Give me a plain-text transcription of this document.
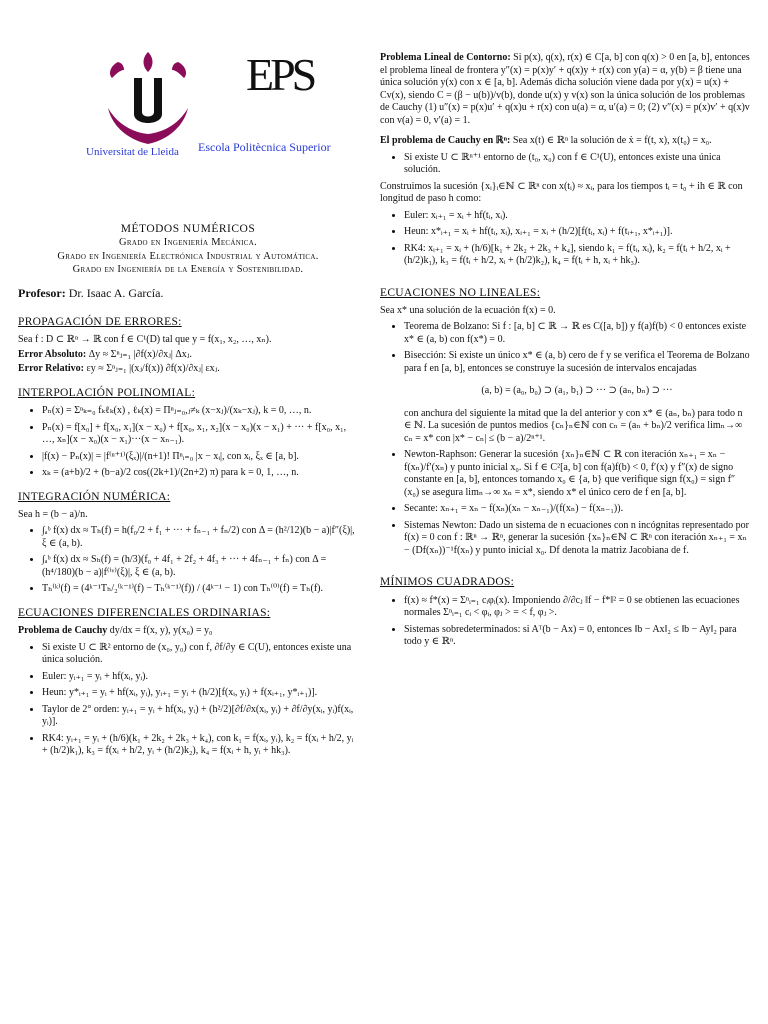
Universitat de Lleida
EPS
Escola Politècnica Superior
MÉTODOS NUMÉRICOS
Grado en Ingeniería Mecánica.
Grado en Ingeniería Electrónica Industrial y Automática.
Grado en Ingeniería de la Energía y Sostenibilidad.
Profesor: Dr. Isaac A. García.
PROPAGACIÓN DE ERRORES:

Sea f : D ⊂ ℝⁿ → ℝ con f ∈ C¹(D) tal que y = f(x₁, x₂, …, xₙ).

Error Absoluto: Δy ≈ Σⁿⱼ₌₁ |∂f(x)/∂xⱼ| Δxⱼ.

Error Relativo: εy ≈ Σⁿⱼ₌₁ |(xⱼ/f(x)) ∂f(x)/∂xⱼ| εxⱼ.

INTERPOLACIÓN POLINOMIAL:
• Pₙ(x) = Σⁿₖ₌₀ fₖℓₖ(x) , ℓₖ(x) = Πⁿⱼ₌₀,ⱼ≠ₖ (x−xⱼ)/(xₖ−xⱼ), k = 0, …, n.
• Pₙ(x) = f[x₀] + f[x₀, x₁](x − x₀) + f[x₀, x₁, x₂](x − x₀)(x − x₁) + ··· + f[x₀, x₁, …, xₙ](x − x₀)(x − x₁)···(x − xₙ₋₁).
• |f(x) − Pₙ(x)| = |f⁽ⁿ⁺¹⁾(ξₓ)|/(n+1)! Πⁿᵢ₌₀ |x − xᵢ|, con xᵢ, ξₓ ∈ [a, b].
• xₖ = (a+b)/2 + (b−a)/2 cos((2k+1)/(2n+2) π) para k = 0, 1, …, n.
INTEGRACIÓN NUMÉRICA:

Sea h = (b − a)/n.

• ∫ₐᵇ f(x) dx ≈ Tₕ(f) = h(f₀/2 + f₁ + ··· + fₙ₋₁ + fₙ/2) con Δ = (h²/12)(b − a)|f″(ξ)|, ξ ∈ (a, b).
• ∫ₐᵇ f(x) dx ≈ Sₕ(f) = (h/3)(f₀ + 4f₁ + 2f₂ + 4f₃ + ··· + 4fₙ₋₁ + fₙ) con Δ = (h⁴/180)(b − a)|f⁽ⁱᵛ⁾(ξ)|, ξ ∈ (a, b).
• Tₕ⁽ᵏ⁾(f) = (4ᵏ⁻¹Tₕ/₂⁽ᵏ⁻¹⁾(f) − Tₕ⁽ᵏ⁻¹⁾(f)) / (4ᵏ⁻¹ − 1) con Tₕ⁽⁰⁾(f) = Tₕ(f).
ECUACIONES DIFERENCIALES ORDINARIAS:

Problema de Cauchy dy/dx = f(x, y), y(x₀) = y₀

• Si existe U ⊂ ℝ² entorno de (x₀, y₀) con f, ∂f/∂y ∈ C(U), entonces existe una única solución.
• Euler: yᵢ₊₁ = yᵢ + hf(xᵢ, yᵢ).
• Heun: y*ᵢ₊₁ = yᵢ + hf(xᵢ, yᵢ), yᵢ₊₁ = yᵢ + (h/2)[f(xᵢ, yᵢ) + f(xᵢ₊₁, y*ᵢ₊₁)].
• Taylor de 2° orden: yᵢ₊₁ = yᵢ + hf(xᵢ, yᵢ) + (h²/2)[∂f/∂x(xᵢ, yᵢ) + ∂f/∂y(xᵢ, yᵢ)f(xᵢ, yᵢ)].
• RK4: yᵢ₊₁ = yᵢ + (h/6)(k₁ + 2k₂ + 2k₃ + k₄), con k₁ = f(xᵢ, yᵢ), k₂ = f(xᵢ + h/2, yᵢ + (h/2)k₁), k₃ = f(xᵢ + h/2, yᵢ + (h/2)k₂), k₄ = f(xᵢ + h, yᵢ + hk₃).

Problema Lineal de Contorno: Si p(x), q(x), r(x) ∈ C[a, b] con q(x) > 0 en [a, b], entonces el problema lineal de frontera y″(x) = p(x)y′ + q(x)y + r(x) con y(a) = α, y(b) = β tiene una única solución y(x) con x ∈ [a, b]. Además dicha solución viene dada por y(x) = u(x) + Cv(x), siendo C = (β − u(b))/v(b), donde u(x) y v(x) son la única solución de los problemas de Cauchy (1) u″(x) = p(x)u′ + q(x)u + r(x) con u(a) = α, u′(a) = 0; (2) v″(x) = p(x)v′ + q(x)v con v(a) = 0, v′(a) = 1.

El problema de Cauchy en ℝⁿ: Sea x(t) ∈ ℝⁿ la solución de ẋ = f(t, x), x(t₀) = x₀.

• Si existe U ⊂ ℝⁿ⁺¹ entorno de (t₀, x₀) con f ∈ C¹(U), entonces existe una única solución.

Construimos la sucesión {xᵢ}ᵢ∈ℕ ⊂ ℝⁿ con x(tᵢ) ≈ xᵢ, para los tiempos tᵢ = t₀ + ih ∈ ℝ con longitud de paso h como:

• Euler: xᵢ₊₁ = xᵢ + hf(tᵢ, xᵢ).
• Heun: x*ᵢ₊₁ = xᵢ + hf(tᵢ, xᵢ), xᵢ₊₁ = xᵢ + (h/2)[f(tᵢ, xᵢ) + f(tᵢ₊₁, x*ᵢ₊₁)].
• RK4: xᵢ₊₁ = xᵢ + (h/6)[k₁ + 2k₂ + 2k₃ + k₄], siendo k₁ = f(tᵢ, xᵢ), k₂ = f(tᵢ + h/2, xᵢ + (h/2)k₁), k₃ = f(tᵢ + h/2, xᵢ + (h/2)k₂), k₄ = f(tᵢ + h, xᵢ + hk₃).
ECUACIONES NO LINEALES:

Sea x* una solución de la ecuación f(x) = 0.

• Teorema de Bolzano: Si f : [a, b] ⊂ ℝ → ℝ es C([a, b]) y f(a)f(b) < 0 entonces existe x* ∈ (a, b) con f(x*) = 0.
• Bisección: Si existe un único x* ∈ (a, b) cero de f y se verifica el Teorema de Bolzano para f en [a, b], entonces se construye la sucesión de intervalos encajadas
(a, b) = (a₀, b₀) ⊃ (a₁, b₁) ⊃ ··· ⊃ (aₙ, bₙ) ⊃ ···
con anchura del siguiente la mitad que la del anterior y con x* ∈ (aₙ, bₙ) para todo n ∈ ℕ. La sucesión de puntos medios {cₙ}ₙ∈ℕ con cₙ = (aₙ + bₙ)/2 verifica limₙ→∞ cₙ = x* con |x* − cₙ| ≤ (b − a)/2ⁿ⁺¹.
• Newton-Raphson: Generar la sucesión {xₙ}ₙ∈ℕ ⊂ ℝ con iteración xₙ₊₁ = xₙ − f(xₙ)/f′(xₙ) y punto inicial x₀. Si f ∈ C²[a, b] con f(a)f(b) < 0, f′(x) y f″(x) de signo constante en [a, b], entonces tomando x₀ ∈ {a, b} que verifique sign f(x₀) = sign f″(x₀) se asegura limₙ→∞ xₙ = x*, siendo x* el único cero de f en [a, b].
• Secante: xₙ₊₁ = xₙ − f(xₙ)(xₙ − xₙ₋₁)/(f(xₙ) − f(xₙ₋₁)).
• Sistemas Newton: Dado un sistema de n ecuaciones con n incógnitas representado por f(x) = 0 con f : ℝⁿ → ℝⁿ, generar la sucesión {xₙ}ₙ∈ℕ ⊂ ℝⁿ con iteración xₙ₊₁ = xₙ − (Df(xₙ))⁻¹f(xₙ) y punto inicial x₀. Df denota la matriz Jacobiana de f.
MÍNIMOS CUADRADOS:
• f(x) ≈ f*(x) = Σⁿᵢ₌₁ cᵢφᵢ(x). Imponiendo ∂/∂cⱼ ‖f − f*‖² = 0 se obtienen las ecuaciones normales Σⁿᵢ₌₁ cᵢ < φᵢ, φⱼ > = < f, φⱼ >.
• Sistemas sobredeterminados: si Aᵀ(b − Ax) = 0, entonces ‖b − Ax‖₂ ≤ ‖b − Ay‖₂ para todo y ∈ ℝⁿ.
